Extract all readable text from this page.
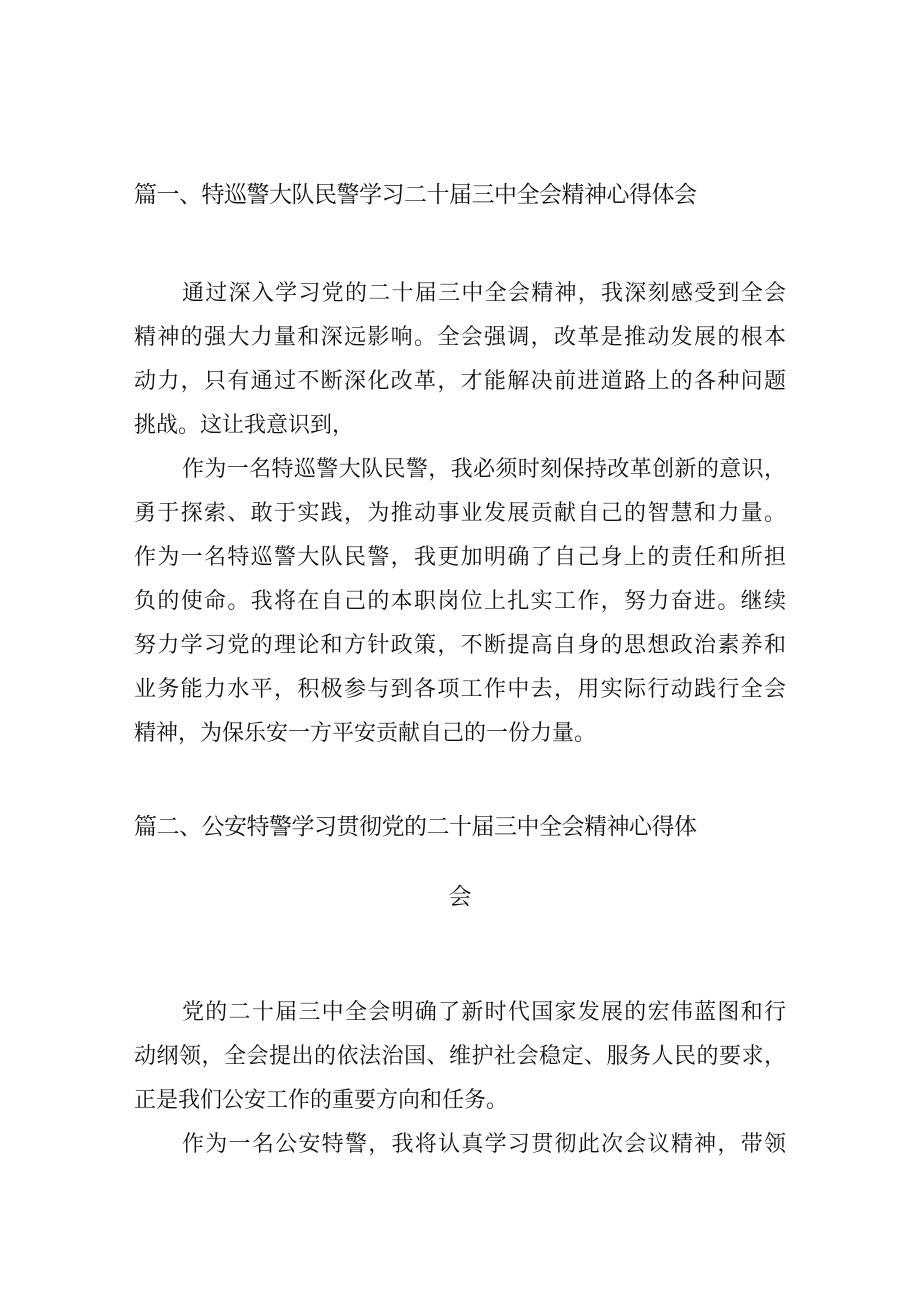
篇一、特巡警大队民警学习二十届三中全会精神心得体会

通过深入学习党的二十届三中全会精神，我深刻感受到全会

精神的强大力量和深远影响。全会强调，改革是推动发展的根本

动力，只有通过不断深化改革，才能解决前进道路上的各种问题

挑战。这让我意识到，

作为一名特巡警大队民警，我必须时刻保持改革创新的意识，

勇于探索、敢于实践，为推动事业发展贡献自己的智慧和力量。

作为一名特巡警大队民警，我更加明确了自己身上的责任和所担

负的使命。我将在自己的本职岗位上扎实工作，努力奋进。继续

努力学习党的理论和方针政策，不断提高自身的思想政治素养和

业务能力水平，积极参与到各项工作中去，用实际行动践行全会

精神，为保乐安一方平安贡献自己的一份力量。

篇二、公安特警学习贯彻党的二十届三中全会精神心得体
会

党的二十届三中全会明确了新时代国家发展的宏伟蓝图和行

动纲领，全会提出的依法治国、维护社会稳定、服务人民的要求，

正是我们公安工作的重要方向和任务。

作为一名公安特警，我将认真学习贯彻此次会议精神，带领
